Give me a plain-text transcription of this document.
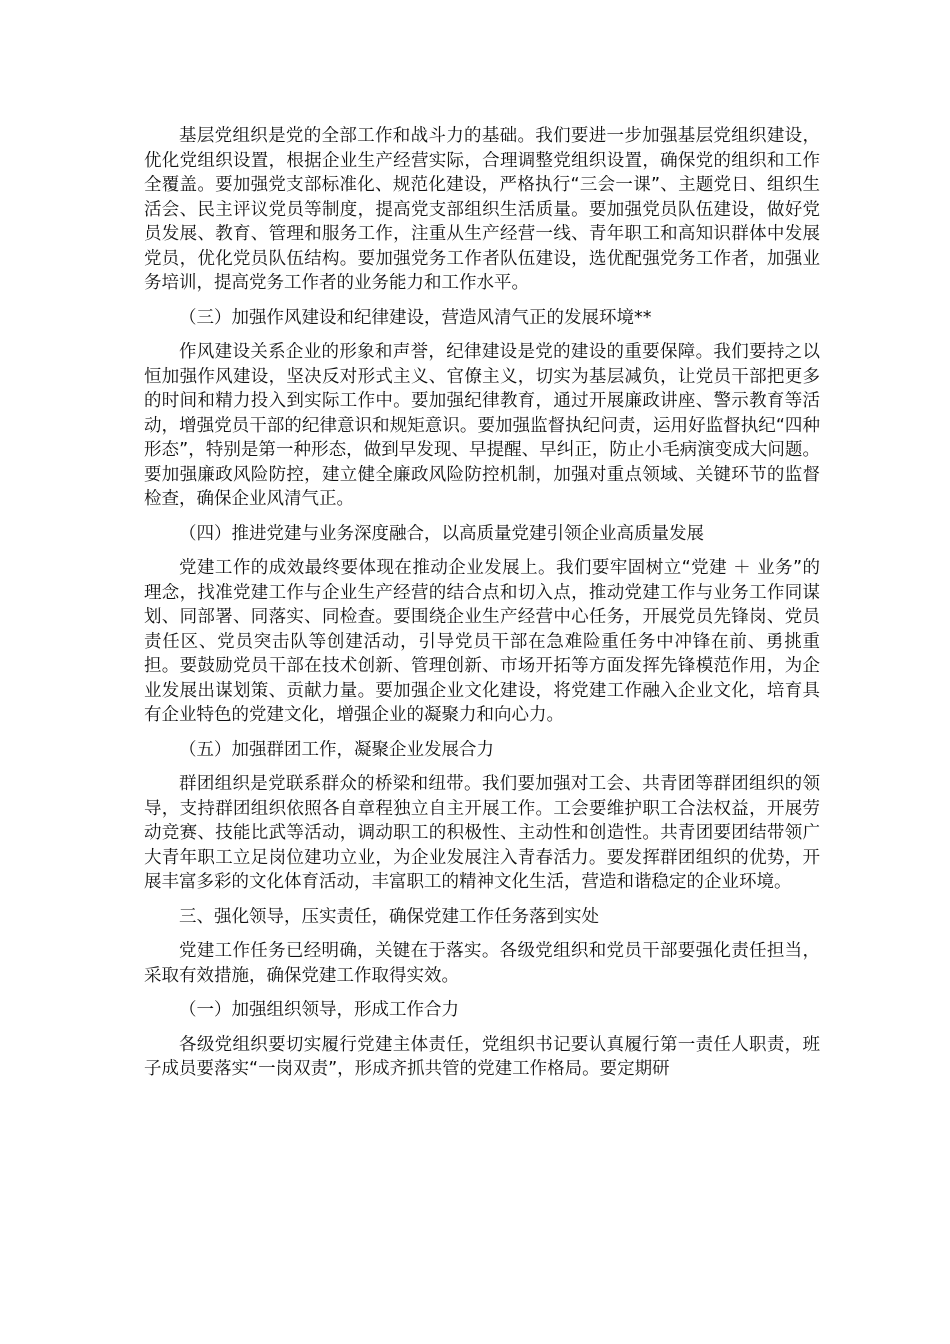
基层党组织是党的全部工作和战斗力的基础。我们要进一步加强基层党组织建设，优化党组织设置，根据企业生产经营实际，合理调整党组织设置，确保党的组织和工作全覆盖。要加强党支部标准化、规范化建设，严格执行“三会一课”、主题党日、组织生活会、民主评议党员等制度，提高党支部组织生活质量。要加强党员队伍建设，做好党员发展、教育、管理和服务工作，注重从生产经营一线、青年职工和高知识群体中发展党员，优化党员队伍结构。要加强党务工作者队伍建设，选优配强党务工作者，加强业务培训，提高党务工作者的业务能力和工作水平。

（三）加强作风建设和纪律建设，营造风清气正的发展环境**

作风建设关系企业的形象和声誉，纪律建设是党的建设的重要保障。我们要持之以恒加强作风建设，坚决反对形式主义、官僚主义，切实为基层减负，让党员干部把更多的时间和精力投入到实际工作中。要加强纪律教育，通过开展廉政讲座、警示教育等活动，增强党员干部的纪律意识和规矩意识。要加强监督执纪问责，运用好监督执纪“四种形态”，特别是第一种形态，做到早发现、早提醒、早纠正，防止小毛病演变成大问题。要加强廉政风险防控，建立健全廉政风险防控机制，加强对重点领域、关键环节的监督检查，确保企业风清气正。

（四）推进党建与业务深度融合，以高质量党建引领企业高质量发展

党建工作的成效最终要体现在推动企业发展上。我们要牢固树立“党建 ＋ 业务”的理念，找准党建工作与企业生产经营的结合点和切入点，推动党建工作与业务工作同谋划、同部署、同落实、同检查。要围绕企业生产经营中心任务，开展党员先锋岗、党员责任区、党员突击队等创建活动，引导党员干部在急难险重任务中冲锋在前、勇挑重担。要鼓励党员干部在技术创新、管理创新、市场开拓等方面发挥先锋模范作用，为企业发展出谋划策、贡献力量。要加强企业文化建设，将党建工作融入企业文化，培育具有企业特色的党建文化，增强企业的凝聚力和向心力。

（五）加强群团工作，凝聚企业发展合力

群团组织是党联系群众的桥梁和纽带。我们要加强对工会、共青团等群团组织的领导，支持群团组织依照各自章程独立自主开展工作。工会要维护职工合法权益，开展劳动竞赛、技能比武等活动，调动职工的积极性、主动性和创造性。共青团要团结带领广大青年职工立足岗位建功立业，为企业发展注入青春活力。要发挥群团组织的优势，开展丰富多彩的文化体育活动，丰富职工的精神文化生活，营造和谐稳定的企业环境。

三、强化领导，压实责任，确保党建工作任务落到实处

党建工作任务已经明确，关键在于落实。各级党组织和党员干部要强化责任担当，采取有效措施，确保党建工作取得实效。

（一）加强组织领导，形成工作合力

各级党组织要切实履行党建主体责任，党组织书记要认真履行第一责任人职责，班子成员要落实“一岗双责”，形成齐抓共管的党建工作格局。要定期研
